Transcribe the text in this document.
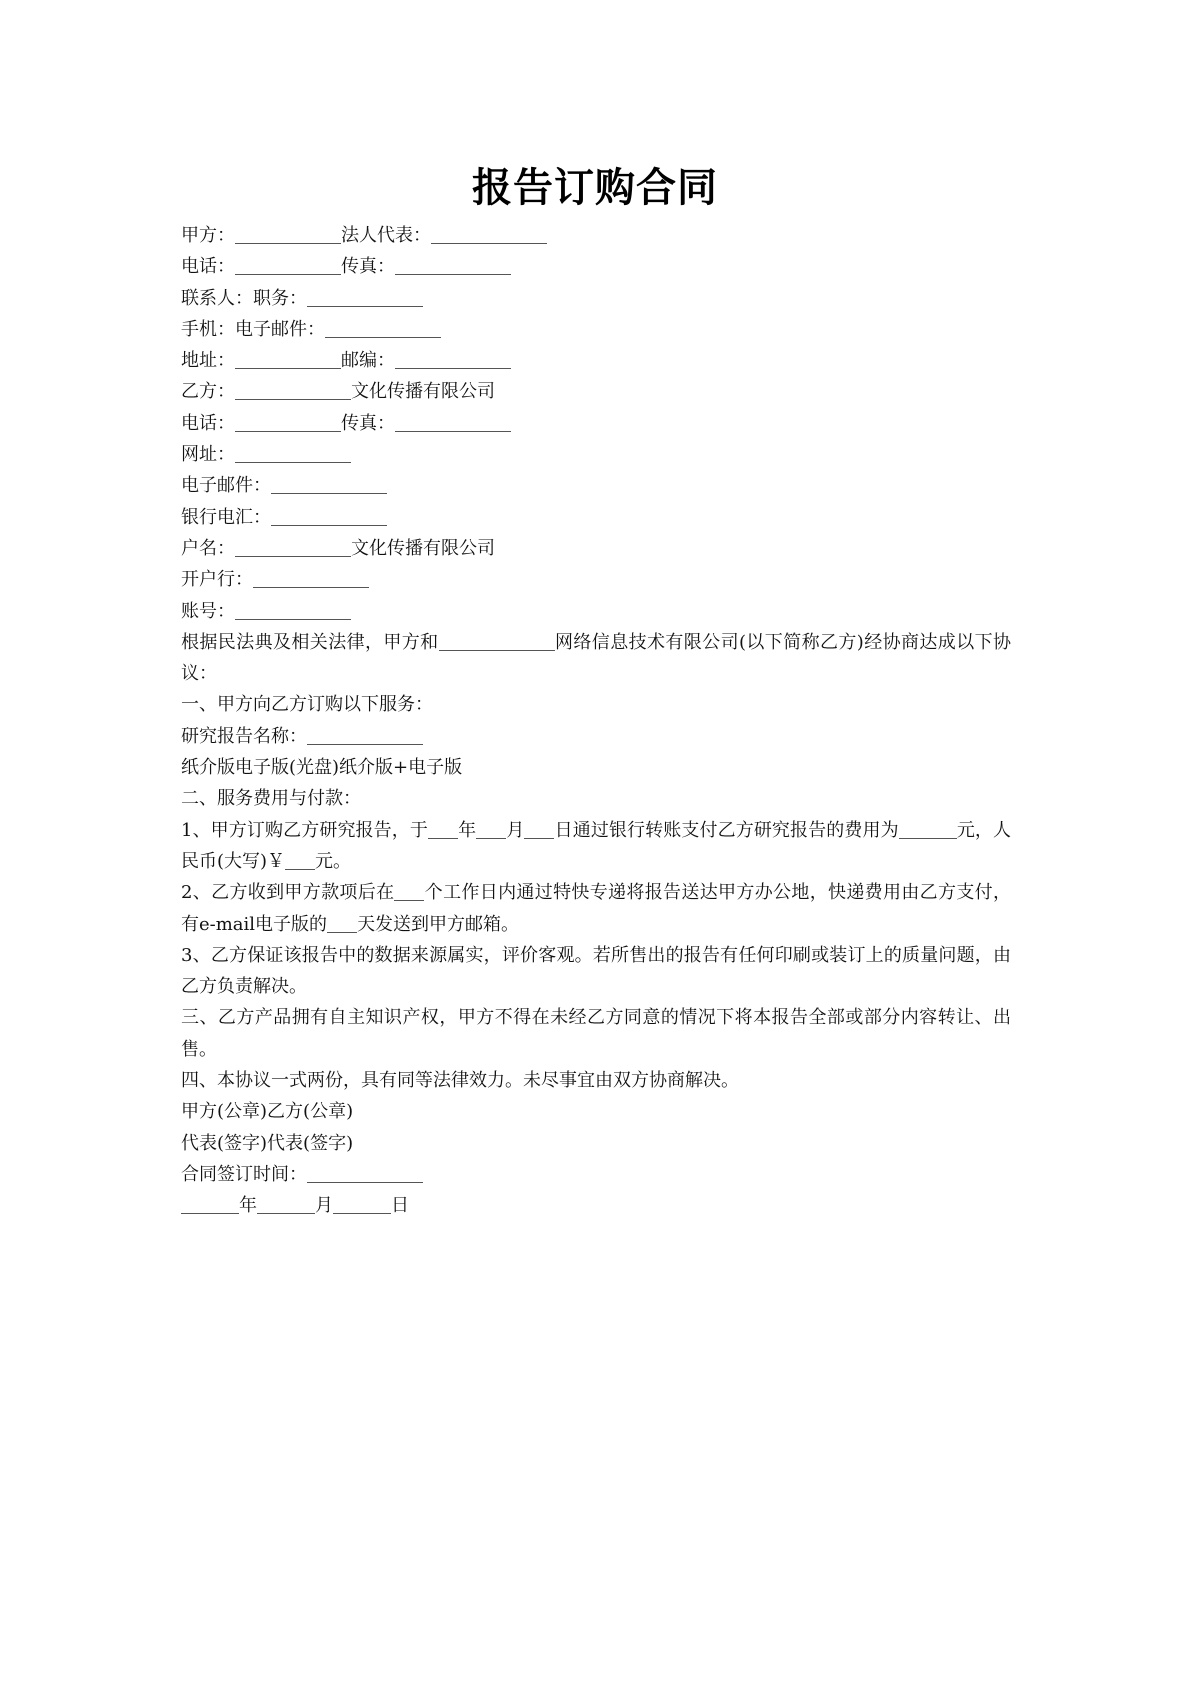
报告订购合同
甲方：	法人代表：
电话：	传真：
联系人：职务：
手机：电子邮件：
地址：	邮编：
乙方：	文化传播有限公司
电话：	传真：
网址：
电子邮件：
银行电汇：
户名：	文化传播有限公司
开户行：
账号：
根据民法典及相关法律，甲方和	网络信息技术有限公司(以下简称乙方)经协商达成以下协议：
一、甲方向乙方订购以下服务：
研究报告名称：
纸介版电子版(光盘)纸介版+电子版
二、服务费用与付款：
1、甲方订购乙方研究报告，于 年 月 日通过银行转账支付乙方研究报告的费用为	元，人民币(大写)￥ 元。
2、乙方收到甲方款项后在 个工作日内通过特快专递将报告送达甲方办公地，快递费用由乙方支付，有e-mail电子版的 天发送到甲方邮箱。
3、乙方保证该报告中的数据来源属实，评价客观。若所售出的报告有任何印刷或装订上的质量问题，由乙方负责解决。
三、乙方产品拥有自主知识产权，甲方不得在未经乙方同意的情况下将本报告全部或部分内容转让、出售。
四、本协议一式两份，具有同等法律效力。未尽事宜由双方协商解决。
甲方(公章)乙方(公章)
代表(签字)代表(签字)
合同签订时间：
年	月	日
